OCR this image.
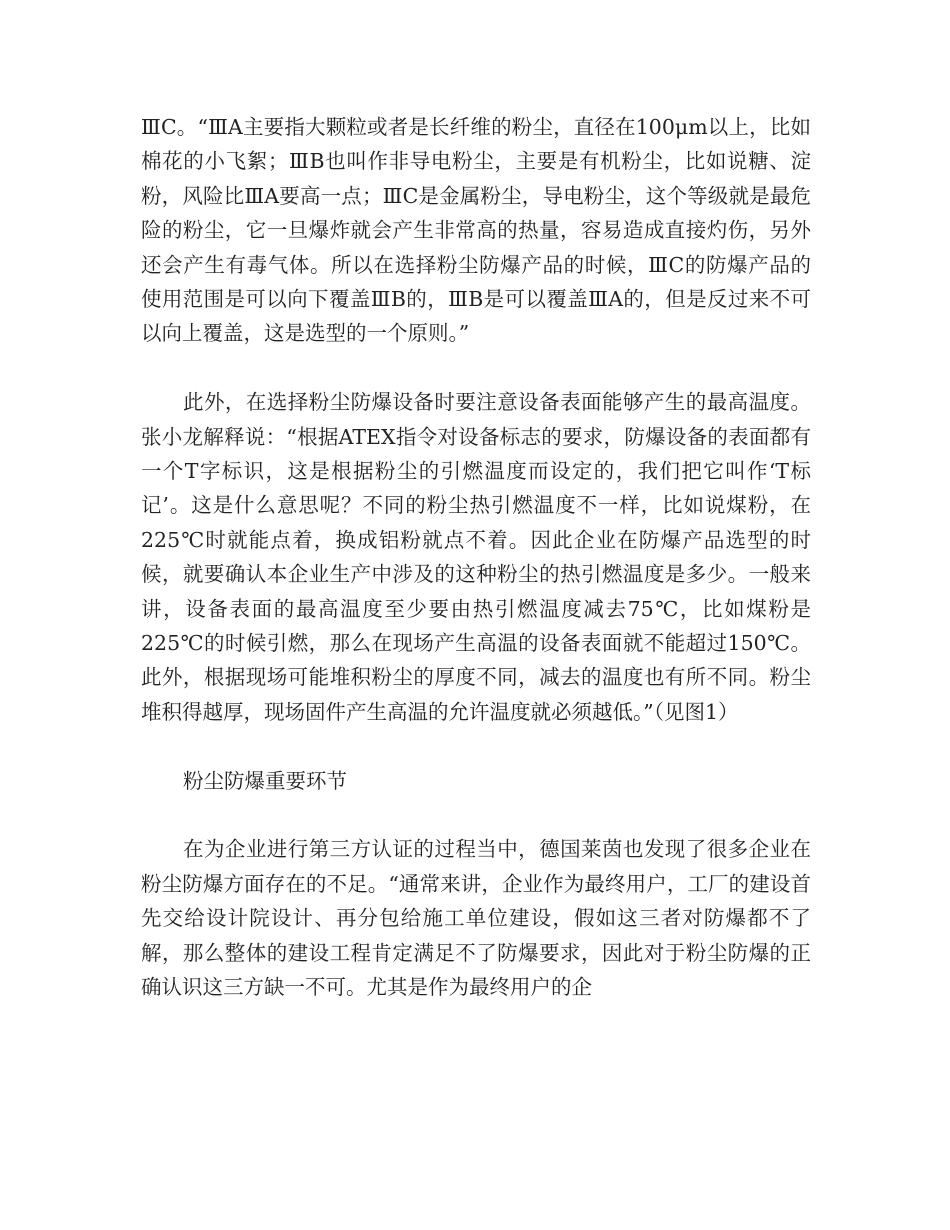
ⅢC。“ⅢA主要指大颗粒或者是长纤维的粉尘，直径在100μm以上，比如棉花的小飞絮；ⅢB也叫作非导电粉尘，主要是有机粉尘，比如说糖、淀粉，风险比ⅢA要高一点；ⅢC是金属粉尘，导电粉尘，这个等级就是最危险的粉尘，它一旦爆炸就会产生非常高的热量，容易造成直接灼伤，另外还会产生有毒气体。所以在选择粉尘防爆产品的时候，ⅢC的防爆产品的使用范围是可以向下覆盖ⅢB的，ⅢB是可以覆盖ⅢA的，但是反过来不可以向上覆盖，这是选型的一个原则。”

此外，在选择粉尘防爆设备时要注意设备表面能够产生的最高温度。张小龙解释说：“根据ATEX指令对设备标志的要求，防爆设备的表面都有一个T字标识，这是根据粉尘的引燃温度而设定的，我们把它叫作‘T标记’。这是什么意思呢？不同的粉尘热引燃温度不一样，比如说煤粉，在225℃时就能点着，换成铝粉就点不着。因此企业在防爆产品选型的时候，就要确认本企业生产中涉及的这种粉尘的热引燃温度是多少。一般来讲，设备表面的最高温度至少要由热引燃温度减去75℃，比如煤粉是225℃的时候引燃，那么在现场产生高温的设备表面就不能超过150℃。此外，根据现场可能堆积粉尘的厚度不同，减去的温度也有所不同。粉尘堆积得越厚，现场固件产生高温的允许温度就必须越低。”（见图1）

粉尘防爆重要环节

在为企业进行第三方认证的过程当中，德国莱茵也发现了很多企业在粉尘防爆方面存在的不足。“通常来讲，企业作为最终用户，工厂的建设首先交给设计院设计、再分包给施工单位建设，假如这三者对防爆都不了解，那么整体的建设工程肯定满足不了防爆要求，因此对于粉尘防爆的正确认识这三方缺一不可。尤其是作为最终用户的企
